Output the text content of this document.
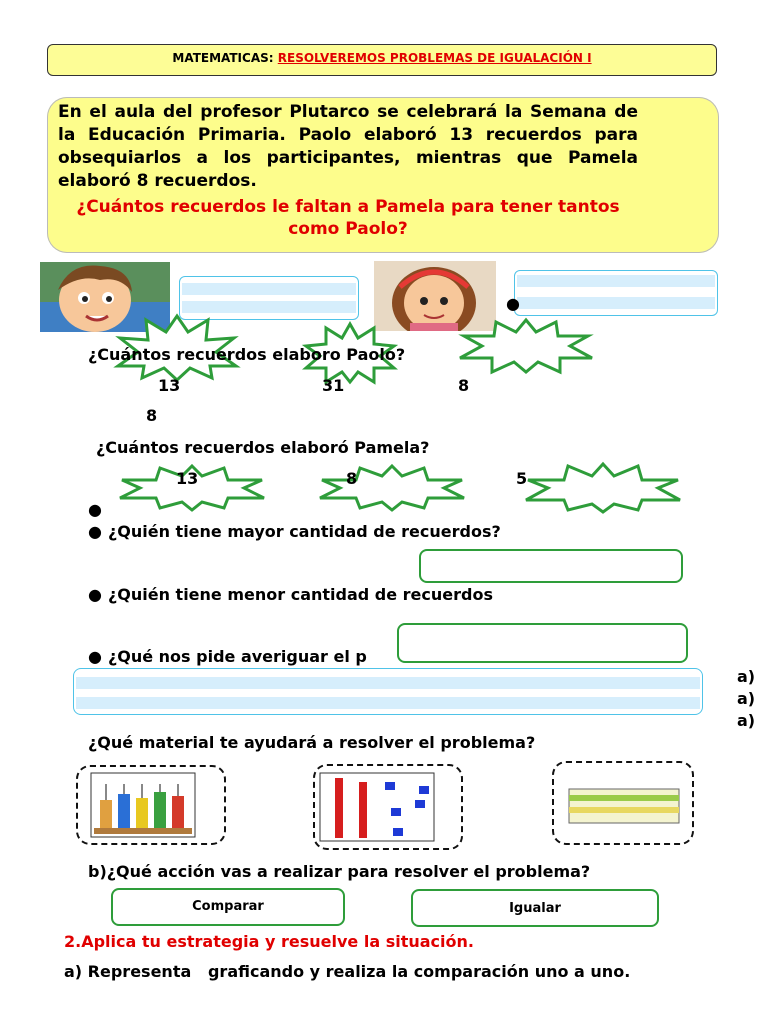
MATEMATICAS: RESOLVEREMOS PROBLEMAS DE IGUALACIÓN I
En el aula del profesor Plutarco se celebrará la Semana de la Educación Primaria. Paolo elaboró 13 recuerdos para obsequiarlos a los participantes, mientras que Pamela elaboró 8 recuerdos.
¿Cuántos recuerdos le faltan a Pamela para tener tantos como Paolo?
●
¿Cuántos recuerdos elaboro Paolo?
13	31	8
8
¿Cuántos recuerdos elaboró Pamela?
13	8	5
●
● ¿Quién tiene mayor cantidad de recuerdos?
● ¿Quién tiene menor cantidad de recuerdos
● ¿Qué nos pide averiguar el p
a)
a)
a)
¿Qué material te ayudará a resolver el problema?
b)¿Qué acción vas a realizar para resolver el problema?
Comparar	Igualar
2.Aplica tu estrategia y resuelve la situación.
a) Representa   graficando y realiza la comparación uno a uno.
